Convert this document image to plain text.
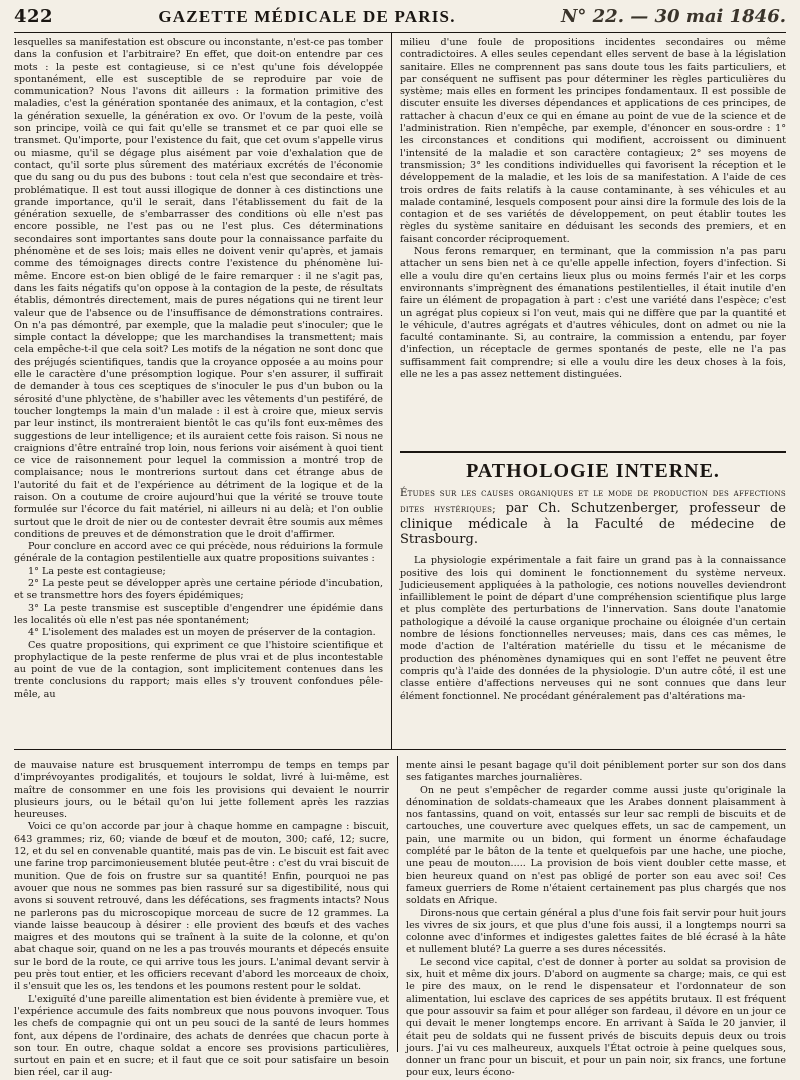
422	GAZETTE MÉDICALE DE PARIS.	N° 22. — 30 mai 1846.

lesquelles sa manifestation est obscure ou inconstante, n'est-ce pas tomber dans la confusion et l'arbitraire? En effet, que doit-on entendre par ces mots : la peste est contagieuse, si ce n'est qu'une fois développée spontanément, elle est susceptible de se reproduire par voie de communication? Nous l'avons dit ailleurs : la formation primitive des maladies, c'est la génération spontanée des animaux, et la contagion, c'est la génération sexuelle, la génération ex ovo. Or l'ovum de la peste, voilà son principe, voilà ce qui fait qu'elle se transmet et ce par quoi elle se transmet. Qu'importe, pour l'existence du fait, que cet ovum s'appelle virus ou miasme, qu'il se dégage plus aisément par voie d'exhalation que de contact, qu'il sorte plus sûrement des matériaux excrétés de l'économie que du sang ou du pus des bubons : tout cela n'est que secondaire et très-problématique. Il est tout aussi illogique de donner à ces distinctions une grande importance, qu'il le serait, dans l'établissement du fait de la génération sexuelle, de s'embarrasser des conditions où elle n'est pas encore possible, ne l'est pas ou ne l'est plus. Ces déterminations secondaires sont importantes sans doute pour la connaissance parfaite du phénomène et de ses lois; mais elles ne doivent venir qu'après, et jamais comme des témoignages directs contre l'existence du phénomène lui-même. Encore est-on bien obligé de le faire remarquer : il ne s'agit pas, dans les faits négatifs qu'on oppose à la contagion de la peste, de résultats établis, démontrés directement, mais de pures négations qui ne tirent leur valeur que de l'absence ou de l'insuffisance de démonstrations contraires. On n'a pas démontré, par exemple, que la maladie peut s'inoculer; que le simple contact la développe; que les marchandises la transmettent; mais cela empêche-t-il que cela soit? Les motifs de la négation ne sont donc que des préjugés scientifiques, tandis que la croyance opposée a au moins pour elle le caractère d'une présomption logique. Pour s'en assurer, il suffirait de demander à tous ces sceptiques de s'inoculer le pus d'un bubon ou la sérosité d'une phlyctène, de s'habiller avec les vêtements d'un pestiféré, de toucher longtemps la main d'un malade : il est à croire que, mieux servis par leur instinct, ils montreraient bientôt le cas qu'ils font eux-mêmes des suggestions de leur intelligence; et ils auraient cette fois raison. Si nous ne craignions d'être entraîné trop loin, nous ferions voir aisément à quoi tient ce vice de raisonnement pour lequel la commission a montré trop de complaisance; nous le montrerions surtout dans cet étrange abus de l'autorité du fait et de l'expérience au détriment de la logique et de la raison. On a coutume de croire aujourd'hui que la vérité se trouve toute formulée sur l'écorce du fait matériel, ni ailleurs ni au delà; et l'on oublie surtout que le droit de nier ou de contester devrait être soumis aux mêmes conditions de preuves et de démonstration que le droit d'affirmer.

Pour conclure en accord avec ce qui précède, nous réduirions la formule générale de la contagion pestilentielle aux quatre propositions suivantes :

1° La peste est contagieuse;

2° La peste peut se développer après une certaine période d'incubation, et se transmettre hors des foyers épidémiques;

3° La peste transmise est susceptible d'engendrer une épidémie dans les localités où elle n'est pas née spontanément;

4° L'isolement des malades est un moyen de préserver de la contagion.

Ces quatre propositions, qui expriment ce que l'histoire scientifique et prophylactique de la peste renferme de plus vrai et de plus incontestable au point de vue de la contagion, sont implicitement contenues dans les trente conclusions du rapport; mais elles s'y trouvent confondues pêle-mêle, au

milieu d'une foule de propositions incidentes secondaires ou même contradictoires. A elles seules cependant elles servent de base à la législation sanitaire. Elles ne comprennent pas sans doute tous les faits particuliers, et par conséquent ne suffisent pas pour déterminer les règles particulières du système; mais elles en forment les principes fondamentaux. Il est possible de discuter ensuite les diverses dépendances et applications de ces principes, de rattacher à chacun d'eux ce qui en émane au point de vue de la science et de l'administration. Rien n'empêche, par exemple, d'énoncer en sous-ordre : 1° les circonstances et conditions qui modifient, accroissent ou diminuent l'intensité de la maladie et son caractère contagieux; 2° ses moyens de transmission; 3° les conditions individuelles qui favorisent la réception et le développement de la maladie, et les lois de sa manifestation. A l'aide de ces trois ordres de faits relatifs à la cause contaminante, à ses véhicules et au malade contaminé, lesquels composent pour ainsi dire la formule des lois de la contagion et de ses variétés de développement, on peut établir toutes les règles du système sanitaire en déduisant les seconds des premiers, et en faisant concorder réciproquement.

Nous ferons remarquer, en terminant, que la commission n'a pas paru attacher un sens bien net à ce qu'elle appelle infection, foyers d'infection. Si elle a voulu dire qu'en certains lieux plus ou moins fermés l'air et les corps environnants s'imprègnent des émanations pestilentielles, il était inutile d'en faire un élément de propagation à part : c'est une variété dans l'espèce; c'est un agrégat plus copieux si l'on veut, mais qui ne diffère que par la quantité et le véhicule, d'autres agrégats et d'autres véhicules, dont on admet ou nie la faculté contaminante. Si, au contraire, la commission a entendu, par foyer d'infection, un réceptacle de germes spontanés de peste, elle ne l'a pas suffisamment fait comprendre; si elle a voulu dire les deux choses à la fois, elle ne les a pas assez nettement distinguées.

PATHOLOGIE INTERNE.
Études sur les causes organiques et le mode de production des affections dites hystériques; par Ch. Schutzenberger, professeur de clinique médicale à la Faculté de médecine de Strasbourg.

La physiologie expérimentale a fait faire un grand pas à la connaissance positive des lois qui dominent le fonctionnement du système nerveux. Judicieusement appliquées à la pathologie, ces notions nouvelles deviendront infailliblement le point de départ d'une compréhension scientifique plus large et plus complète des perturbations de l'innervation. Sans doute l'anatomie pathologique a dévoilé la cause organique prochaine ou éloignée d'un certain nombre de lésions fonctionnelles nerveuses; mais, dans ces cas mêmes, le mode d'action de l'altération matérielle du tissu et le mécanisme de production des phénomènes dynamiques qui en sont l'effet ne peuvent être compris qu'à l'aide des données de la physiologie. D'un autre côté, il est une classe entière d'affections nerveuses qui ne sont connues que dans leur élément fonctionnel. Ne procédant généralement pas d'altérations ma-

de mauvaise nature est brusquement interrompu de temps en temps par d'imprévoyantes prodigalités, et toujours le soldat, livré à lui-même, est maître de consommer en une fois les provisions qui devaient le nourrir plusieurs jours, ou le bétail qu'on lui jette follement après les razzias heureuses.

Voici ce qu'on accorde par jour à chaque homme en campagne : biscuit, 643 grammes; riz, 60; viande de bœuf et de mouton, 300; café, 12; sucre, 12, et du sel en convenable quantité, mais pas de vin. Le biscuit est fait avec une farine trop parcimonieusement blutée peut-être : c'est du vrai biscuit de munition. Que de fois on frustre sur sa quantité! Enfin, pourquoi ne pas avouer que nous ne sommes pas bien rassuré sur sa digestibilité, nous qui avons si souvent retrouvé, dans les défécations, ses fragments intacts? Nous ne parlerons pas du microscopique morceau de sucre de 12 grammes. La viande laisse beaucoup à désirer : elle provient des bœufs et des vaches maigres et des moutons qui se traînent à la suite de la colonne, et qu'on abat chaque soir, quand on ne les a pas trouvés mourants et dépecés ensuite sur le bord de la route, ce qui arrive tous les jours. L'animal devant servir à peu près tout entier, et les officiers recevant d'abord les morceaux de choix, il s'ensuit que les os, les tendons et les poumons restent pour le soldat.

L'exiguïté d'une pareille alimentation est bien évidente à première vue, et l'expérience accumule des faits nombreux que nous pouvons invoquer. Tous les chefs de compagnie qui ont un peu souci de la santé de leurs hommes font, aux dépens de l'ordinaire, des achats de denrées que chacun porte à son tour. En outre, chaque soldat a encore ses provisions particulières, surtout en pain et en sucre; et il faut que ce soit pour satisfaire un besoin bien réel, car il aug-

mente ainsi le pesant bagage qu'il doit péniblement porter sur son dos dans ses fatigantes marches journalières.

On ne peut s'empêcher de regarder comme aussi juste qu'originale la dénomination de soldats-chameaux que les Arabes donnent plaisamment à nos fantassins, quand on voit, entassés sur leur sac rempli de biscuits et de cartouches, une couverture avec quelques effets, un sac de campement, un pain, une marmite ou un bidon, qui forment un énorme échafaudage complété par le bâton de la tente et quelquefois par une hache, une pioche, une peau de mouton..... La provision de bois vient doubler cette masse, et bien heureux quand on n'est pas obligé de porter son eau avec soi! Ces fameux guerriers de Rome n'étaient certainement pas plus chargés que nos soldats en Afrique.

Dirons-nous que certain général a plus d'une fois fait servir pour huit jours les vivres de six jours, et que plus d'une fois aussi, il a longtemps nourri sa colonne avec d'informes et indigestes galettes faites de blé écrasé à la hâte et nullement bluté? La guerre a ses dures nécessités.

Le second vice capital, c'est de donner à porter au soldat sa provision de six, huit et même dix jours. D'abord on augmente sa charge; mais, ce qui est le pire des maux, on le rend le dispensateur et l'ordonnateur de son alimentation, lui esclave des caprices de ses appétits brutaux. Il est fréquent que pour assouvir sa faim et pour alléger son fardeau, il dévore en un jour ce qui devait le mener longtemps encore. En arrivant à Saïda le 20 janvier, il était peu de soldats qui ne fussent privés de biscuits depuis deux ou trois jours. J'ai vu ces malheureux, auxquels l'État octroie à peine quelques sous, donner un franc pour un biscuit, et pour un pain noir, six francs, une fortune pour eux, leurs écono-
